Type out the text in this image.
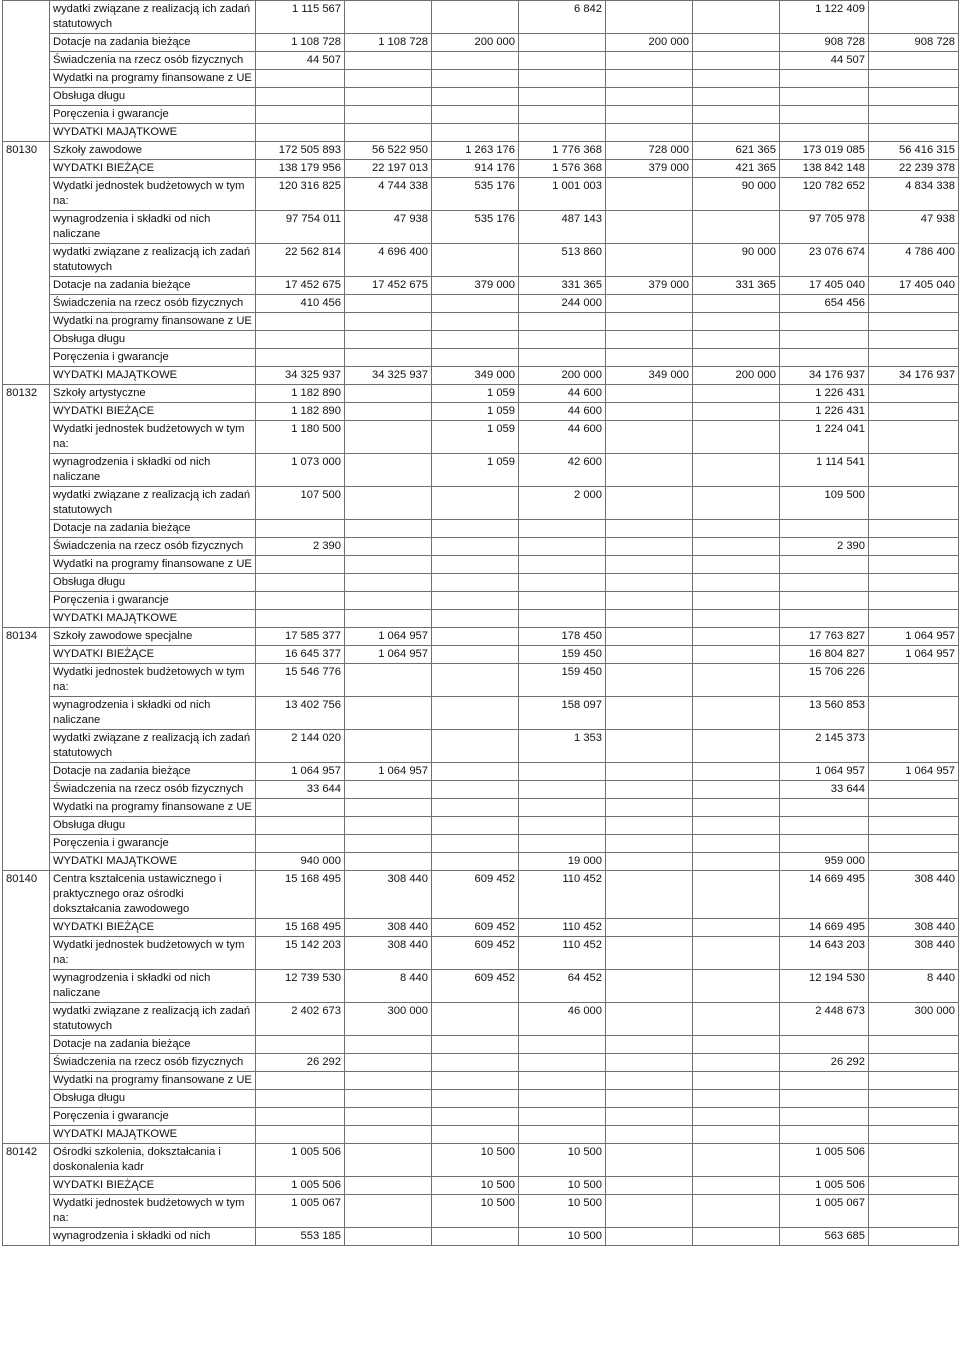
	wydatki związane z realizacją ich zadań statutowych	1 115 567			6 842			1 122 409	
	Dotacje na zadania bieżące	1 108 728	1 108 728	200 000		200 000		908 728	908 728
	Świadczenia na rzecz osób fizycznych	44 507						44 507	
	Wydatki na programy finansowane z UE								
	Obsługa długu								
	Poręczenia i gwarancje								
	WYDATKI MAJĄTKOWE								
80130	Szkoły zawodowe	172 505 893	56 522 950	1 263 176	1 776 368	728 000	621 365	173 019 085	56 416 315
	WYDATKI BIEŻĄCE	138 179 956	22 197 013	914 176	1 576 368	379 000	421 365	138 842 148	22 239 378
	Wydatki jednostek budżetowych w tym na:	120 316 825	4 744 338	535 176	1 001 003		90 000	120 782 652	4 834 338
	wynagrodzenia i składki od nich naliczane	97 754 011	47 938	535 176	487 143			97 705 978	47 938
	wydatki związane z realizacją ich zadań statutowych	22 562 814	4 696 400		513 860		90 000	23 076 674	4 786 400
	Dotacje na zadania bieżące	17 452 675	17 452 675	379 000	331 365	379 000	331 365	17 405 040	17 405 040
	Świadczenia na rzecz osób fizycznych	410 456			244 000			654 456	
	Wydatki na programy finansowane z UE								
	Obsługa długu								
	Poręczenia i gwarancje								
	WYDATKI MAJĄTKOWE	34 325 937	34 325 937	349 000	200 000	349 000	200 000	34 176 937	34 176 937
80132	Szkoły artystyczne	1 182 890		1 059	44 600			1 226 431	
	WYDATKI BIEŻĄCE	1 182 890		1 059	44 600			1 226 431	
	Wydatki jednostek budżetowych w tym na:	1 180 500		1 059	44 600			1 224 041	
	wynagrodzenia i składki od nich naliczane	1 073 000		1 059	42 600			1 114 541	
	wydatki związane z realizacją ich zadań statutowych	107 500			2 000			109 500	
	Dotacje na zadania bieżące								
	Świadczenia na rzecz osób fizycznych	2 390						2 390	
	Wydatki na programy finansowane z UE								
	Obsługa długu								
	Poręczenia i gwarancje								
	WYDATKI MAJĄTKOWE								
80134	Szkoły zawodowe specjalne	17 585 377	1 064 957		178 450			17 763 827	1 064 957
	WYDATKI BIEŻĄCE	16 645 377	1 064 957		159 450			16 804 827	1 064 957
	Wydatki jednostek budżetowych w tym na:	15 546 776			159 450			15 706 226	
	wynagrodzenia i składki od nich naliczane	13 402 756			158 097			13 560 853	
	wydatki związane z realizacją ich zadań statutowych	2 144 020			1 353			2 145 373	
	Dotacje na zadania bieżące	1 064 957	1 064 957					1 064 957	1 064 957
	Świadczenia na rzecz osób fizycznych	33 644						33 644	
	Wydatki na programy finansowane z UE								
	Obsługa długu								
	Poręczenia i gwarancje								
	WYDATKI MAJĄTKOWE	940 000			19 000			959 000	
80140	Centra kształcenia ustawicznego i praktycznego oraz ośrodki dokształcania zawodowego	15 168 495	308 440	609 452	110 452			14 669 495	308 440
	WYDATKI BIEŻĄCE	15 168 495	308 440	609 452	110 452			14 669 495	308 440
	Wydatki jednostek budżetowych w tym na:	15 142 203	308 440	609 452	110 452			14 643 203	308 440
	wynagrodzenia i składki od nich naliczane	12 739 530	8 440	609 452	64 452			12 194 530	8 440
	wydatki związane z realizacją ich zadań statutowych	2 402 673	300 000		46 000			2 448 673	300 000
	Dotacje na zadania bieżące								
	Świadczenia na rzecz osób fizycznych	26 292						26 292	
	Wydatki na programy finansowane z UE								
	Obsługa długu								
	Poręczenia i gwarancje								
	WYDATKI MAJĄTKOWE								
80142	Ośrodki szkolenia, dokształcania i doskonalenia kadr	1 005 506		10 500	10 500			1 005 506	
	WYDATKI BIEŻĄCE	1 005 506		10 500	10 500			1 005 506	
	Wydatki jednostek budżetowych w tym na:	1 005 067		10 500	10 500			1 005 067	
	wynagrodzenia i składki od nich	553 185			10 500			563 685	
